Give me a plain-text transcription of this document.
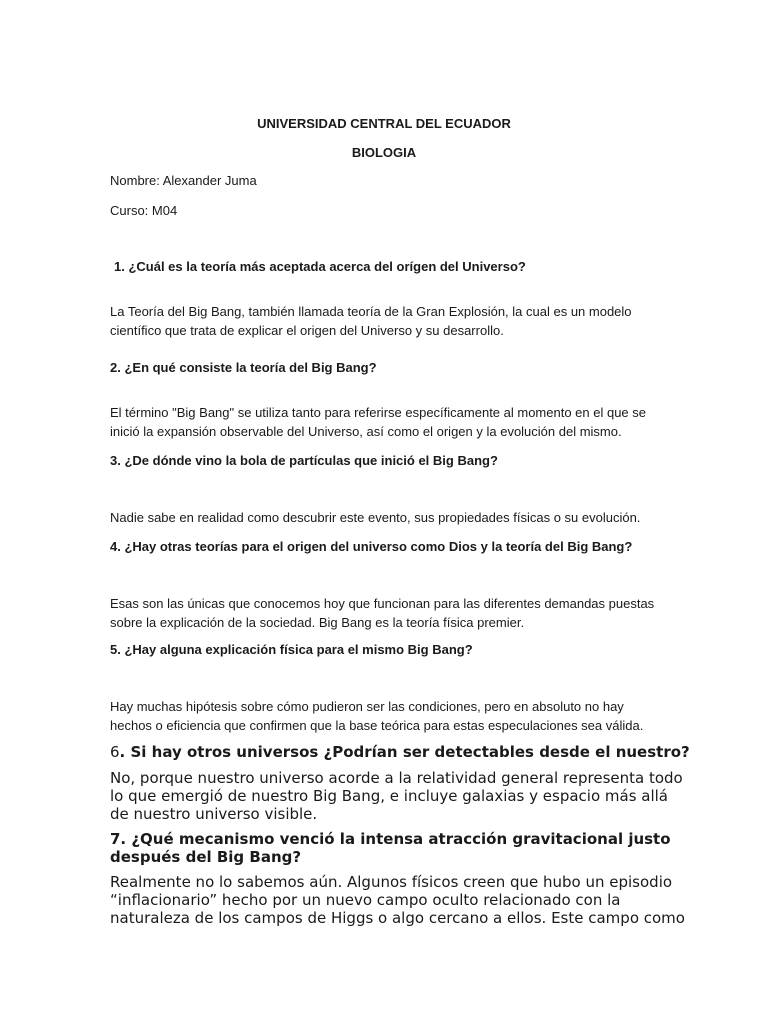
UNIVERSIDAD CENTRAL DEL ECUADOR

BIOLOGIA

Nombre: Alexander Juma

Curso: M04

1. ¿Cuál es la teoría más aceptada acerca del orígen del Universo?

La Teoría del Big Bang, también llamada teoría de la Gran Explosión, la cual es un modelo

científico que trata de explicar el origen del Universo y su desarrollo.

2. ¿En qué consiste la teoría del Big Bang?

El término "Big Bang" se utiliza tanto para referirse específicamente al momento en el que se

inició la expansión observable del Universo, así como el origen y la evolución del mismo.

3. ¿De dónde vino la bola de partículas que inició el Big Bang?

Nadie sabe en realidad como descubrir este evento, sus propiedades físicas o su evolución.

4. ¿Hay otras teorías para el origen del universo como Dios y la teoría del Big Bang?

Esas son las únicas que conocemos hoy que funcionan para las diferentes demandas puestas

sobre la explicación de la sociedad. Big Bang es la teoría física premier.

5. ¿Hay alguna explicación física para el mismo Big Bang?

Hay muchas hipótesis sobre cómo pudieron ser las condiciones, pero en absoluto no hay

hechos o eficiencia que confirmen que la base teórica para estas especulaciones sea válida.

6. Si hay otros universos ¿Podrían ser detectables desde el nuestro?

No, porque nuestro universo acorde a la relatividad general representa todo

lo que emergió de nuestro Big Bang, e incluye galaxias y espacio más allá

de nuestro universo visible.

7. ¿Qué mecanismo venció la intensa atracción gravitacional justo

después del Big Bang?

Realmente no lo sabemos aún. Algunos físicos creen que hubo un episodio

“inflacionario” hecho por un nuevo campo oculto relacionado con la

naturaleza de los campos de Higgs o algo cercano a ellos. Este campo como
